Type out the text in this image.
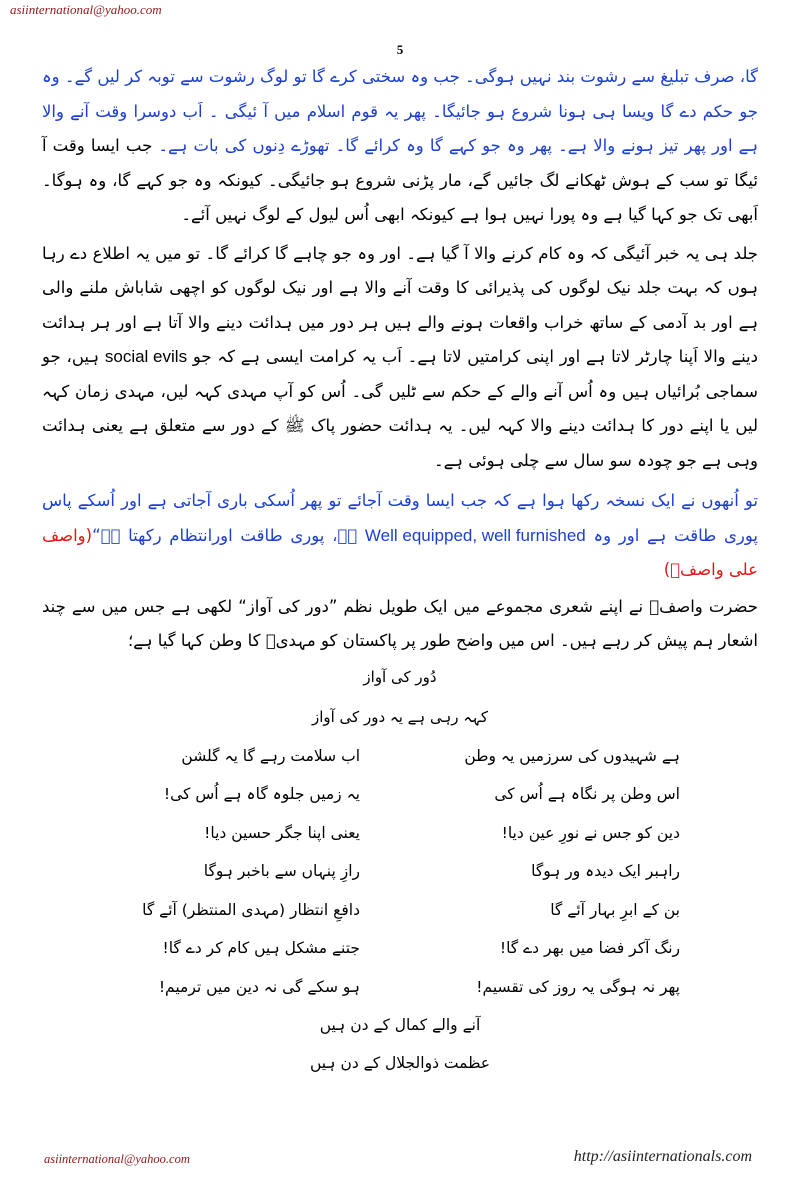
asiinternational@yahoo.com
5

گا، صرف تبلیغ سے رشوت بند نہیں ہوگی۔ جب وہ سختی کرے گا تو لوگ رشوت سے توبہ کر لیں گے۔ وہ جو حکم دے گا ویسا ہی ہونا شروع ہو جائیگا۔ پھر یہ قوم اسلام میں آ ئیگی ۔ اَب دوسرا وقت آنے والا ہے اور پھر تیز ہونے والا ہے۔ پھر وہ جو کہے گا وہ کرائے گا۔ تھوڑے دِنوں کی بات ہے۔ جب ایسا وقت آ ئیگا تو سب کے ہوش ٹھکانے لگ جائیں گے، مار پڑنی شروع ہو جائیگی۔ کیونکہ وہ جو کہے گا، وہ ہوگا۔ اَبھی تک جو کہا گیا ہے وہ پورا نہیں ہوا ہے کیونکہ ابھی اُس لیول کے لوگ نہیں آئے۔

جلد ہی یہ خبر آئیگی کہ وہ کام کرنے والا آ گیا ہے۔ اور وہ جو چاہے گا کرائے گا۔ تو میں یہ اطلاع دے رہا ہوں کہ بہت جلد نیک لوگوں کی پذیرائی کا وقت آنے والا ہے اور نیک لوگوں کو اچھی شاباش ملنے والی ہے اور بد آدمی کے ساتھ خراب واقعات ہونے والے ہیں ہر دور میں ہدائت دینے والا آتا ہے اور ہر ہدائت دینے والا اَپنا چارٹر لاتا ہے اور اپنی کرامتیں لاتا ہے۔ اَب یہ کرامت ایسی ہے کہ جو social evils ہیں، جو سماجی بُرائیاں ہیں وہ اُس آنے والے کے حکم سے ٹلیں گی۔ اُس کو آپ مہدی کہہ لیں، مہدی زمان کہہ لیں یا اپنے دور کا ہدائت دینے والا کہہ لیں۔ یہ ہدائت حضور پاک ﷺ کے دور سے متعلق ہے یعنی ہدائت وہی ہے جو چودہ سو سال سے چلی ہوئی ہے۔

تو اُنھوں نے ایک نسخہ رکھا ہوا ہے کہ جب ایسا وقت آجائے تو پھر اُسکی باری آجاتی ہے اور اُسکے پاس پوری طاقت ہے اور وہ Well equipped, well furnished ہے، پوری طاقت اورانتظام رکھتا ہے“(واصف علی واصفؒ)

حضرت واصفؒ نے اپنے شعری مجموعے میں ایک طویل نظم ”دور کی آواز“ لکھی ہے جس میں سے چند اشعار ہم پیش کر رہے ہیں۔ اس میں واضح طور پر پاکستان کو مہدیؑ کا وطن کہا گیا ہے؛

دُور کی آواز

کہہ رہی ہے یہ دور کی آواز

ہے شہیدوں کی سرزمیں یہ وطن
اب سلامت رہے گا یہ گلشن
اس وطن پر نگاہ ہے اُس کی
یہ زمیں جلوہ گاہ ہے اُس کی!
دین کو جس نے نورِ عین دیا!
یعنی اپنا جگر حسین دیا!
راہبر ایک دیدہ ور ہوگا
رازِ پنہاں سے باخبر ہوگا
بن کے ابرِ بہار آئے گا
دافعِ انتظار (مہدی المنتظر) آئے گا
رنگ آکر فضا میں بھر دے گا!
جتنے مشکل ہیں کام کر دے گا!
پھر نہ ہوگی یہ روز کی تقسیم!
ہو سکے گی نہ دین میں ترمیم!

آنے والے کمال کے دن ہیں

عظمت ذوالجلال کے دن ہیں

asiinternational@yahoo.com	http://asiinternationals.com
